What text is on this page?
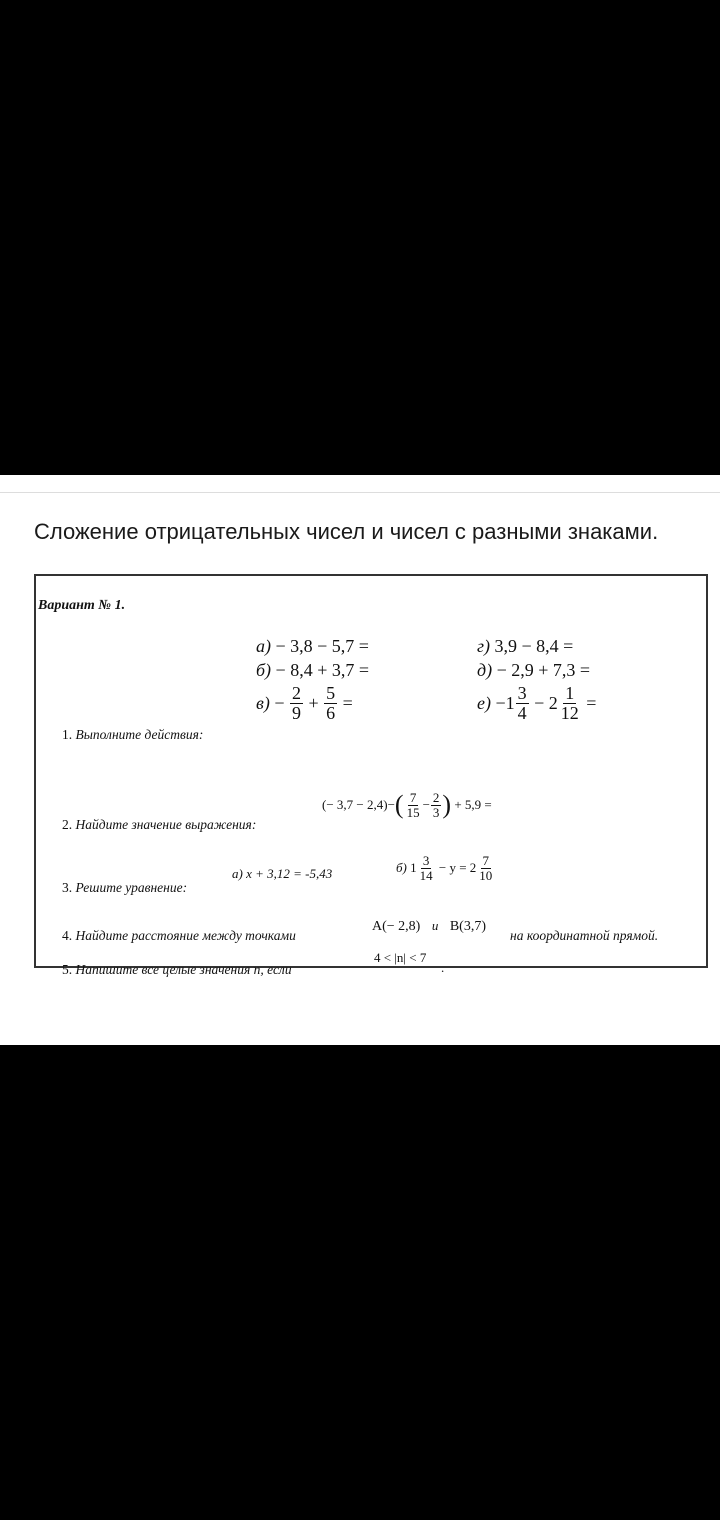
Сложение отрицательных чисел и чисел с разными знаками.
Вариант № 1.
а) − 3,8 − 5,7 =
б) − 8,4 + 3,7 =
$в) - \frac{2}{9} + \frac{5}{6}$ =
г) 3,9 − 8,4 =
д) − 2,9 + 7,3 =
$е) -1 \frac{3}{4} - 2 \frac{1}{12}$ =
1. Выполните действия:
(− $3,7 - 2,4)-( \frac{7}{15} - \frac{2}{3}$ ) + 5,9 =
2. Найдите значение выражения:
а) x + 3,12 = -5,43	б) $1 \frac{3}{14} - y = 2 \frac{7}{10}$
3. Решите уравнение:
4. Найдите расстояние между точками
A(− 2,8) и B(3,7)
на координатной прямой.
5. Напишите все целые значения n, если
4 < |n| < 7
.
